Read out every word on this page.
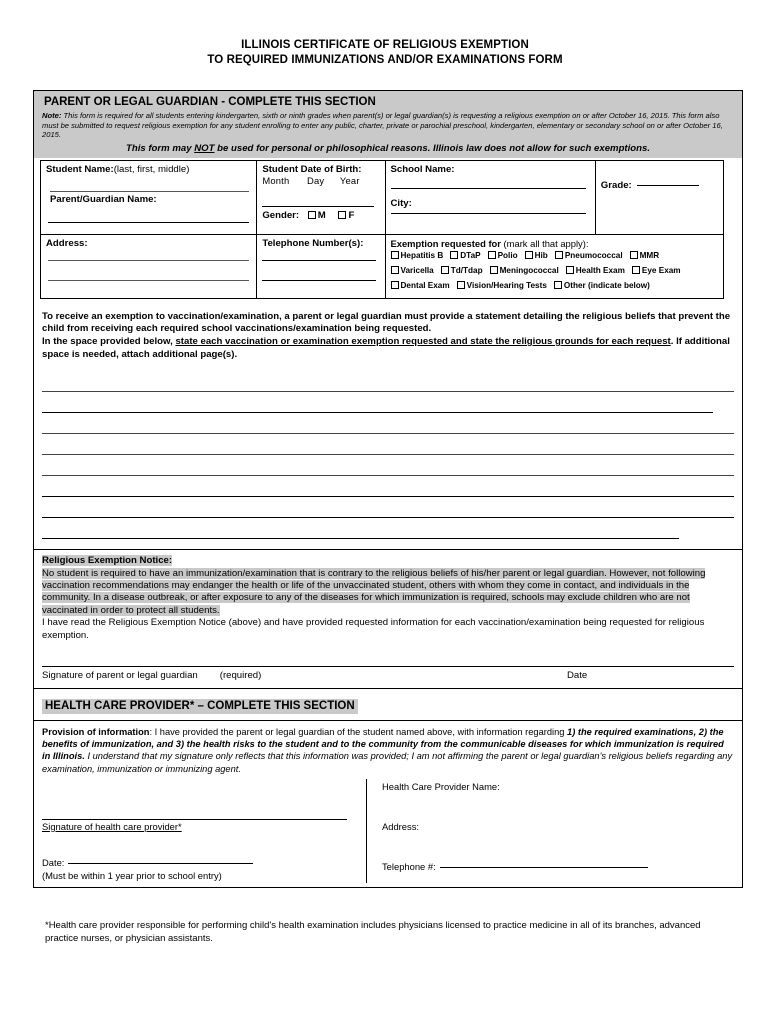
ILLINOIS CERTIFICATE OF RELIGIOUS EXEMPTION
TO REQUIRED IMMUNIZATIONS AND/OR EXAMINATIONS FORM
PARENT OR LEGAL GUARDIAN - COMPLETE THIS SECTION
Note: This form is required for all students entering kindergarten, sixth or ninth grades when parent(s) or legal guardian(s) is requesting a religious exemption on or after October 16, 2015. This form also must be submitted to request religious exemption for any student enrolling to enter any public, charter, private or parochial preschool, kindergarten, elementary or secondary school on or after October 16, 2015.
This form may NOT be used for personal or philosophical reasons. Illinois law does not allow for such exemptions.
Student Name:(last, first, middle)
Parent/Guardian Name:

Student Date of Birth:
Month Day Year
Gender: M F

School Name:
City:

Grade:

Address:	Telephone Number(s):	Exemption requested for (mark all that apply):
Hepatitis B DTaP Polio Hib Pneumococcal MMR
Varicella Td/Tdap Meningococcal Health Exam Eye Exam
Dental Exam Vision/Hearing Tests Other (indicate below)	
To receive an exemption to vaccination/examination, a parent or legal guardian must provide a statement detailing the religious beliefs that prevent the child from receiving each required school vaccinations/examination being requested.
In the space provided below, state each vaccination or examination exemption requested and state the religious grounds for each request. If additional space is needed, attach additional page(s).
Religious Exemption Notice:
No student is required to have an immunization/examination that is contrary to the religious beliefs of his/her parent or legal guardian. However, not following vaccination recommendations may endanger the health or life of the unvaccinated student, others with whom they come in contact, and individuals in the community. In a disease outbreak, or after exposure to any of the diseases for which immunization is required, schools may exclude children who are not vaccinated in order to protect all students.
I have read the Religious Exemption Notice (above) and have provided requested information for each vaccination/examination being requested for religious exemption.
Signature of parent or legal guardian (required)	Date
HEALTH CARE PROVIDER* – COMPLETE THIS SECTION
Provision of information: I have provided the parent or legal guardian of the student named above, with information regarding 1) the required examinations, 2) the benefits of immunization, and 3) the health risks to the student and to the community from the communicable diseases for which immunization is required in Illinois. I understand that my signature only reflects that this information was provided; I am not affirming the parent or legal guardian's religious beliefs regarding any examination, immunization or immunizing agent.
Signature of health care provider*
Date:
(Must be within 1 year prior to school entry)
Health Care Provider Name:
Address:
Telephone #:
*Health care provider responsible for performing child's health examination includes physicians licensed to practice medicine in all of its branches, advanced practice nurses, or physician assistants.
